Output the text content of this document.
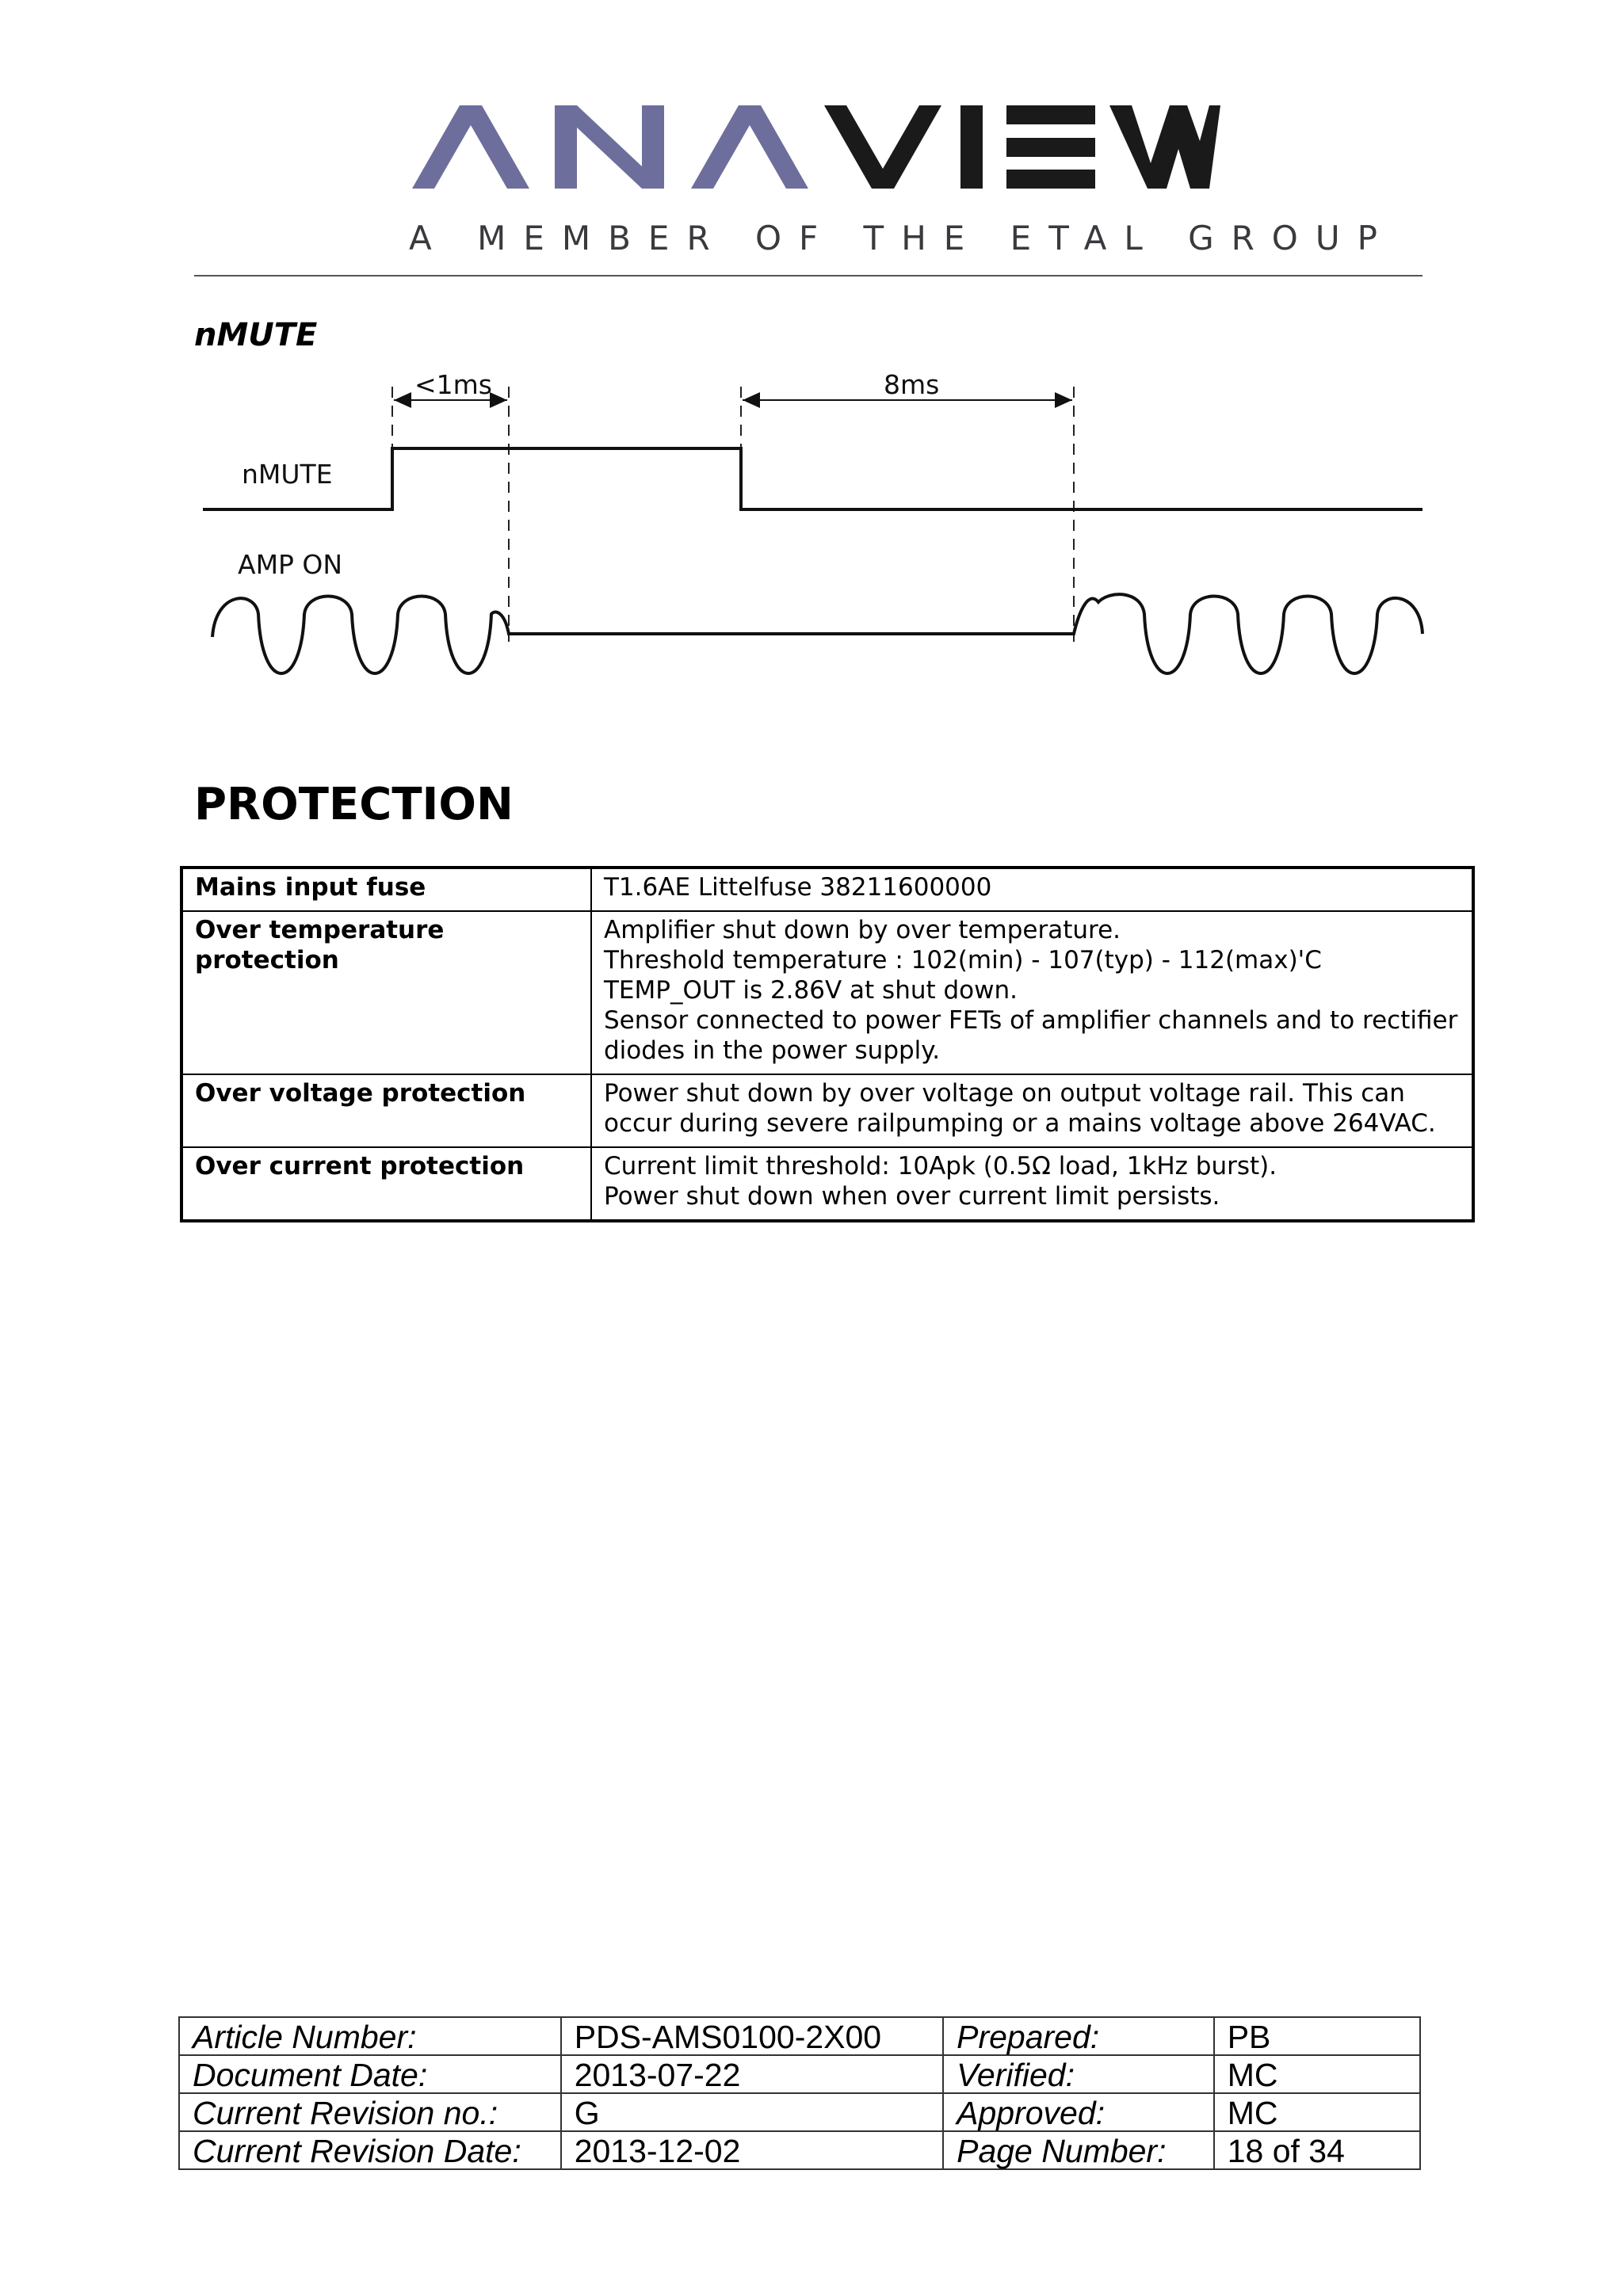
A MEMBER OF THE ETAL GROUP
nMUTE
<1ms	8ms
nMUTE
AMP ON
PROTECTION
Mains input fuse	T1.6AE Littelfuse 38211600000

Over temperature protection	Amplifier shut down by over temperature.
Threshold temperature : 102(min) - 107(typ) - 112(max)'C
TEMP_OUT is 2.86V at shut down.
Sensor connected to power FETs of amplifier channels and to rectifier
diodes in the power supply.

Over voltage protection	Power shut down by over voltage on output voltage rail. This can
occur during severe railpumping or a mains voltage above 264VAC.

Over current protection	Current limit threshold: 10Apk (0.5Ω load, 1kHz burst).
Power shut down when over current limit persists.
Article Number:	PDS-AMS0100-2X00	Prepared:	PB
Document Date:	2013-07-22	Verified:	MC
Current Revision no.:	G	Approved:	MC
Current Revision Date:	2013-12-02	Page Number:	18 of 34
